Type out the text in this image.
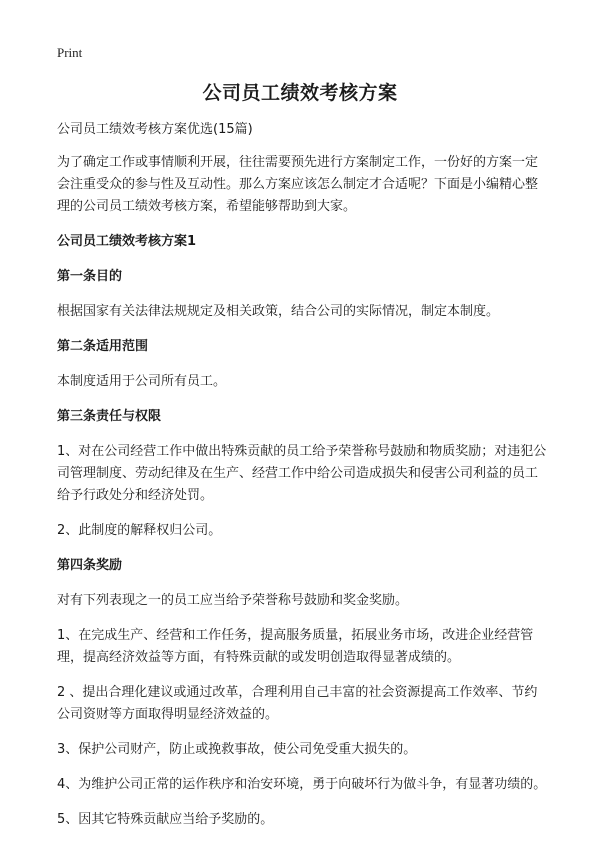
Print
公司员工绩效考核方案
公司员工绩效考核方案优选(15篇)
为了确定工作或事情顺利开展，往往需要预先进行方案制定工作，一份好的方案一定会注重受众的参与性及互动性。那么方案应该怎么制定才合适呢？下面是小编精心整理的公司员工绩效考核方案，希望能够帮助到大家。
公司员工绩效考核方案1
第一条目的
根据国家有关法律法规规定及相关政策，结合公司的实际情况，制定本制度。
第二条适用范围
本制度适用于公司所有员工。
第三条责任与权限
1、对在公司经营工作中做出特殊贡献的员工给予荣誉称号鼓励和物质奖励；对违犯公司管理制度、劳动纪律及在生产、经营工作中给公司造成损失和侵害公司利益的员工给予行政处分和经济处罚。
2、此制度的解释权归公司。
第四条奖励
对有下列表现之一的员工应当给予荣誉称号鼓励和奖金奖励。
1、在完成生产、经营和工作任务，提高服务质量，拓展业务市场，改进企业经营管理，提高经济效益等方面，有特殊贡献的或发明创造取得显著成绩的。
2 、提出合理化建议或通过改革，合理利用自己丰富的社会资源提高工作效率、节约公司资财等方面取得明显经济效益的。
3、保护公司财产，防止或挽救事故，使公司免受重大损失的。
4、为维护公司正常的运作秩序和治安环境，勇于向破坏行为做斗争，有显著功绩的。
5、因其它特殊贡献应当给予奖励的。
